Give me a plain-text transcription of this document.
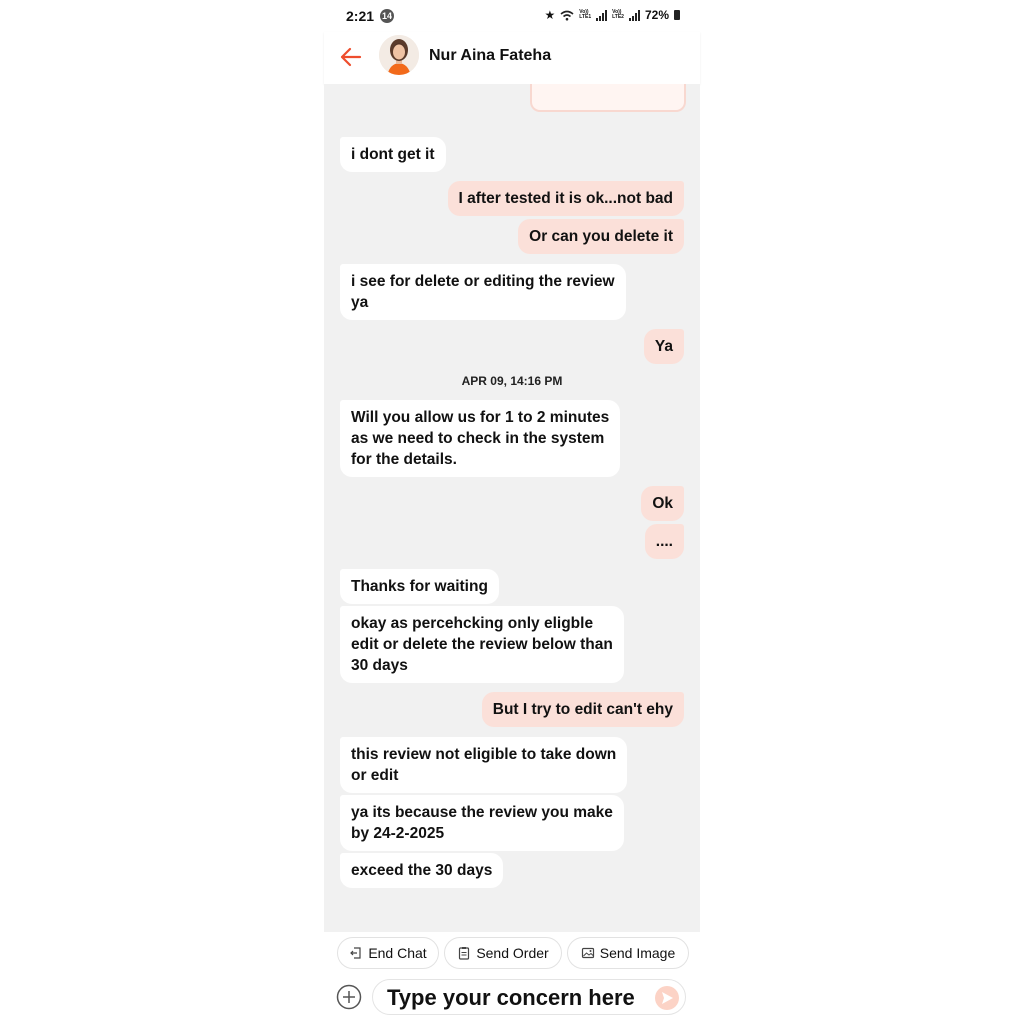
2:21 14	★	Vo))
LTE1
Vo))
LTE2 72%
Nur Aina Fateha
i dont get it
I after tested it is ok...not bad
Or can you delete it
i see for delete or editing the review
ya
Ya
APR 09, 14:16 PM
Will you allow us for 1 to 2 minutes
as we need to check in the system
for the details.
Ok
....
Thanks for waiting
okay as percehcking only eligble
edit or delete the review below than
30 days
But I try to edit can't ehy
this review not eligible to take down
or edit
ya its because the review you make
by 24-2-2025
exceed the 30 days
End Chat	Send Order	Send Image
Type your concern here
